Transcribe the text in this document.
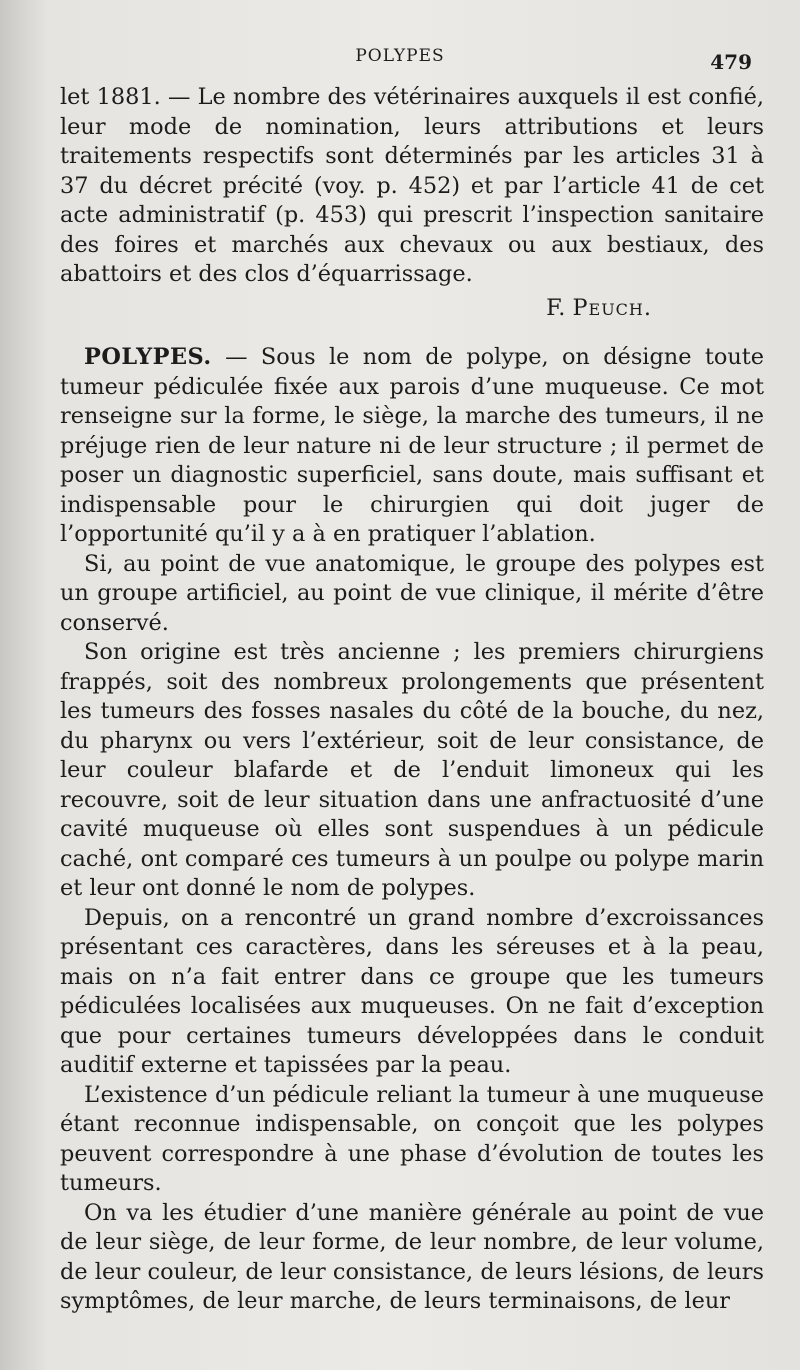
POLYPES	479

let 1881. — Le nombre des vétérinaires auxquels il est confié, leur mode de nomination, leurs attributions et leurs traitements respectifs sont déterminés par les articles 31 à 37 du décret précité (voy. p. 452) et par l’article 41 de cet acte administratif (p. 453) qui prescrit l’inspection sanitaire des foires et marchés aux chevaux ou aux bestiaux, des abattoirs et des clos d’équarrissage.

F. Peuch.

POLYPES. — Sous le nom de polype, on désigne toute tumeur pédiculée fixée aux parois d’une muqueuse. Ce mot renseigne sur la forme, le siège, la marche des tumeurs, il ne préjuge rien de leur nature ni de leur structure ; il permet de poser un diagnostic superficiel, sans doute, mais suffisant et indispensable pour le chirurgien qui doit juger de l’opportunité qu’il y a à en pratiquer l’ablation.

Si, au point de vue anatomique, le groupe des polypes est un groupe artificiel, au point de vue clinique, il mérite d’être conservé.

Son origine est très ancienne ; les premiers chirurgiens frappés, soit des nombreux prolongements que présentent les tumeurs des fosses nasales du côté de la bouche, du nez, du pharynx ou vers l’extérieur, soit de leur consistance, de leur couleur blafarde et de l’enduit limoneux qui les recouvre, soit de leur situation dans une anfractuosité d’une cavité muqueuse où elles sont suspendues à un pédicule caché, ont comparé ces tumeurs à un poulpe ou polype marin et leur ont donné le nom de polypes.

Depuis, on a rencontré un grand nombre d’excroissances présentant ces caractères, dans les séreuses et à la peau, mais on n’a fait entrer dans ce groupe que les tumeurs pédiculées localisées aux muqueuses. On ne fait d’exception que pour certaines tumeurs développées dans le conduit auditif externe et tapissées par la peau.

L’existence d’un pédicule reliant la tumeur à une muqueuse étant reconnue indispensable, on conçoit que les polypes peuvent correspondre à une phase d’évolution de toutes les tumeurs.

On va les étudier d’une manière générale au point de vue de leur siège, de leur forme, de leur nombre, de leur volume, de leur couleur, de leur consistance, de leurs lésions, de leurs symptômes, de leur marche, de leurs terminaisons, de leur
